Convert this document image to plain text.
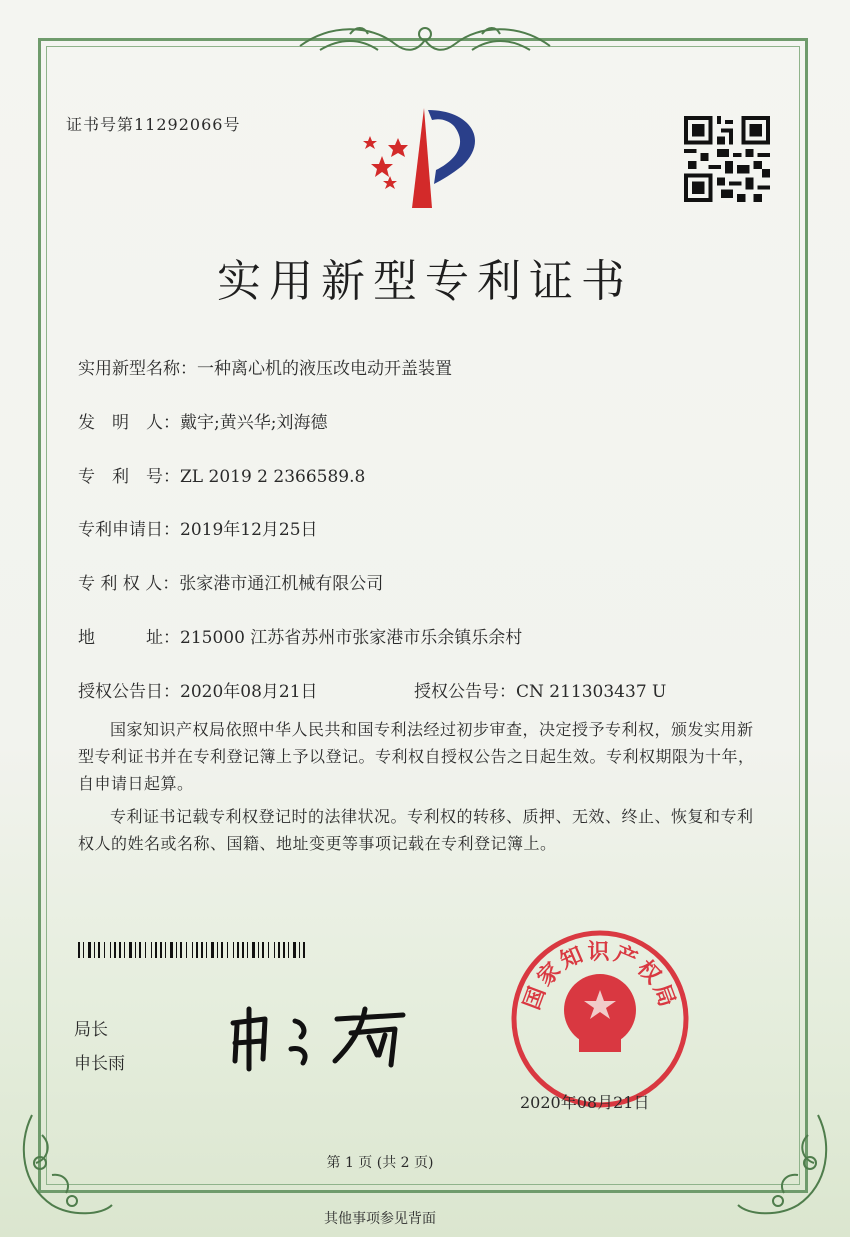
证书号第11292066号
实用新型专利证书
实用新型名称：一种离心机的液压改电动开盖装置
发　明　人：戴宇;黄兴华;刘海德
专　利　号：ZL 2019 2 2366589.8
专利申请日：2019年12月25日
专 利 权 人：张家港市通江机械有限公司
地　　　址：215000 江苏省苏州市张家港市乐余镇乐余村
授权公告日：2020年08月21日	授权公告号：CN 211303437 U

国家知识产权局依照中华人民共和国专利法经过初步审查，决定授予专利权，颁发实用新型专利证书并在专利登记簿上予以登记。专利权自授权公告之日起生效。专利权期限为十年，自申请日起算。

专利证书记载专利权登记时的法律状况。专利权的转移、质押、无效、终止、恢复和专利权人的姓名或名称、国籍、地址变更等事项记载在专利登记簿上。

局长
申长雨
国家知识产权局
2020年08月21日
第 1 页 (共 2 页)
其他事项参见背面
